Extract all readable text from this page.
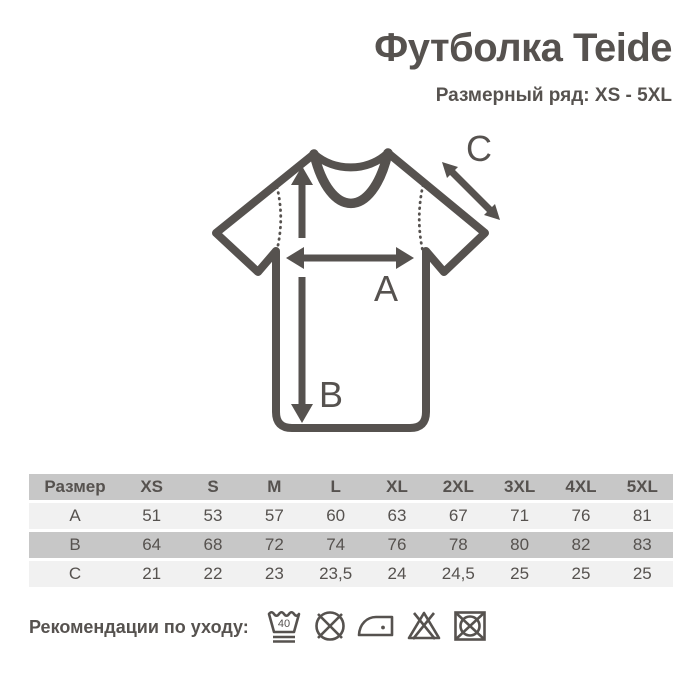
Футболка Teide
Размерный ряд: XS - 5XL
A
B
C
Размер	XS	S	M	L	XL	2XL	3XL	4XL	5XL
A	51	53	57	60	63	67	71	76	81
B	64	68	72	74	76	78	80	82	83
C	21	22	23	23,5	24	24,5	25	25	25
Рекомендации по уходу:	40
